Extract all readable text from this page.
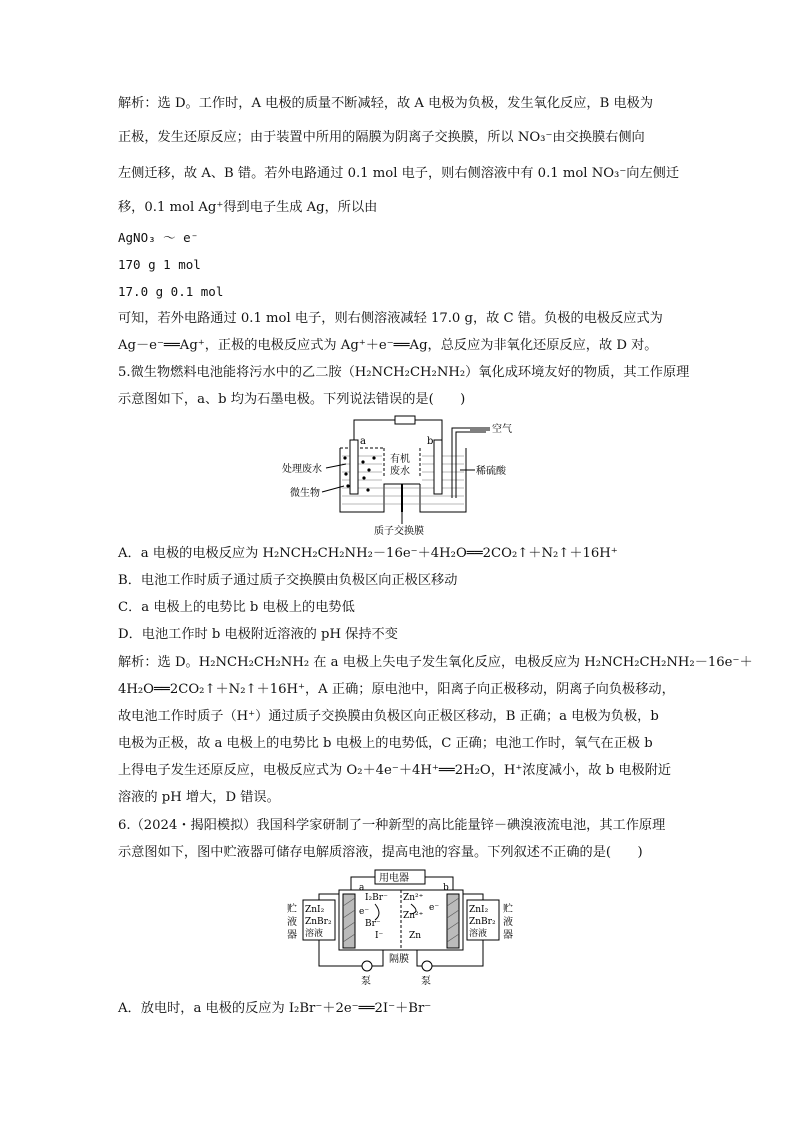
解析：选 D。工作时，A 电极的质量不断减轻，故 A 电极为负极，发生氧化反应，B 电极为
正极，发生还原反应；由于装置中所用的隔膜为阴离子交换膜，所以 NO₃⁻由交换膜右侧向
左侧迁移，故 A、B 错。若外电路通过 0.1 mol 电子，则右侧溶液中有 0.1 mol NO₃⁻向左侧迁
移，0.1 mol Ag⁺得到电子生成 Ag，所以由
AgNO₃ ～ e⁻
170 g 1 mol
17.0 g 0.1 mol
可知，若外电路通过 0.1 mol 电子，则右侧溶液减轻 17.0 g，故 C 错。负极的电极反应式为
Ag－e⁻══Ag⁺，正极的电极反应式为 Ag⁺＋e⁻══Ag，总反应为非氧化还原反应，故 D 对。
5.微生物燃料电池能将污水中的乙二胺（H₂NCH₂CH₂NH₂）氧化成环境友好的物质，其工作原理
示意图如下，a、b 均为石墨电极。下列说法错误的是(　　)
a	b
空气
处理废水
有机
废水	稀硫酸
微生物
质子交换膜
A．a 电极的电极反应为 H₂NCH₂CH₂NH₂－16e⁻＋4H₂O══2CO₂↑＋N₂↑＋16H⁺
B．电池工作时质子通过质子交换膜由负极区向正极区移动
C．a 电极上的电势比 b 电极上的电势低
D．电池工作时 b 电极附近溶液的 pH 保持不变
解析：选 D。H₂NCH₂CH₂NH₂ 在 a 电极上失电子发生氧化反应，电极反应为 H₂NCH₂CH₂NH₂－16e⁻＋
4H₂O══2CO₂↑＋N₂↑＋16H⁺，A 正确；原电池中，阳离子向正极移动，阴离子向负极移动，
故电池工作时质子（H⁺）通过质子交换膜由负极区向正极区移动，B 正确；a 电极为负极，b
电极为正极，故 a 电极上的电势比 b 电极上的电势低，C 正确；电池工作时，氧气在正极 b
上得电子发生还原反应，电极反应式为 O₂＋4e⁻＋4H⁺══2H₂O，H⁺浓度减小，故 b 电极附近
溶液的 pH 增大，D 错误。
6.（2024・揭阳模拟）我国科学家研制了一种新型的高比能量锌－碘溴液流电池，其工作原理
示意图如下，图中贮液器可储存电解质溶液，提高电池的容量。下列叙述不正确的是(　　)
用电器
I₂Br⁻
Br⁻
I⁻
e⁻
Zn²⁺
Zn²⁺
Zn
e⁻
a	b
贮
液
器
ZnI₂
ZnBr₂
溶液
ZnI₂
ZnBr₂
溶液
贮
液
器
隔膜
泵	泵
A．放电时，a 电极的反应为 I₂Br⁻＋2e⁻══2I⁻＋Br⁻
